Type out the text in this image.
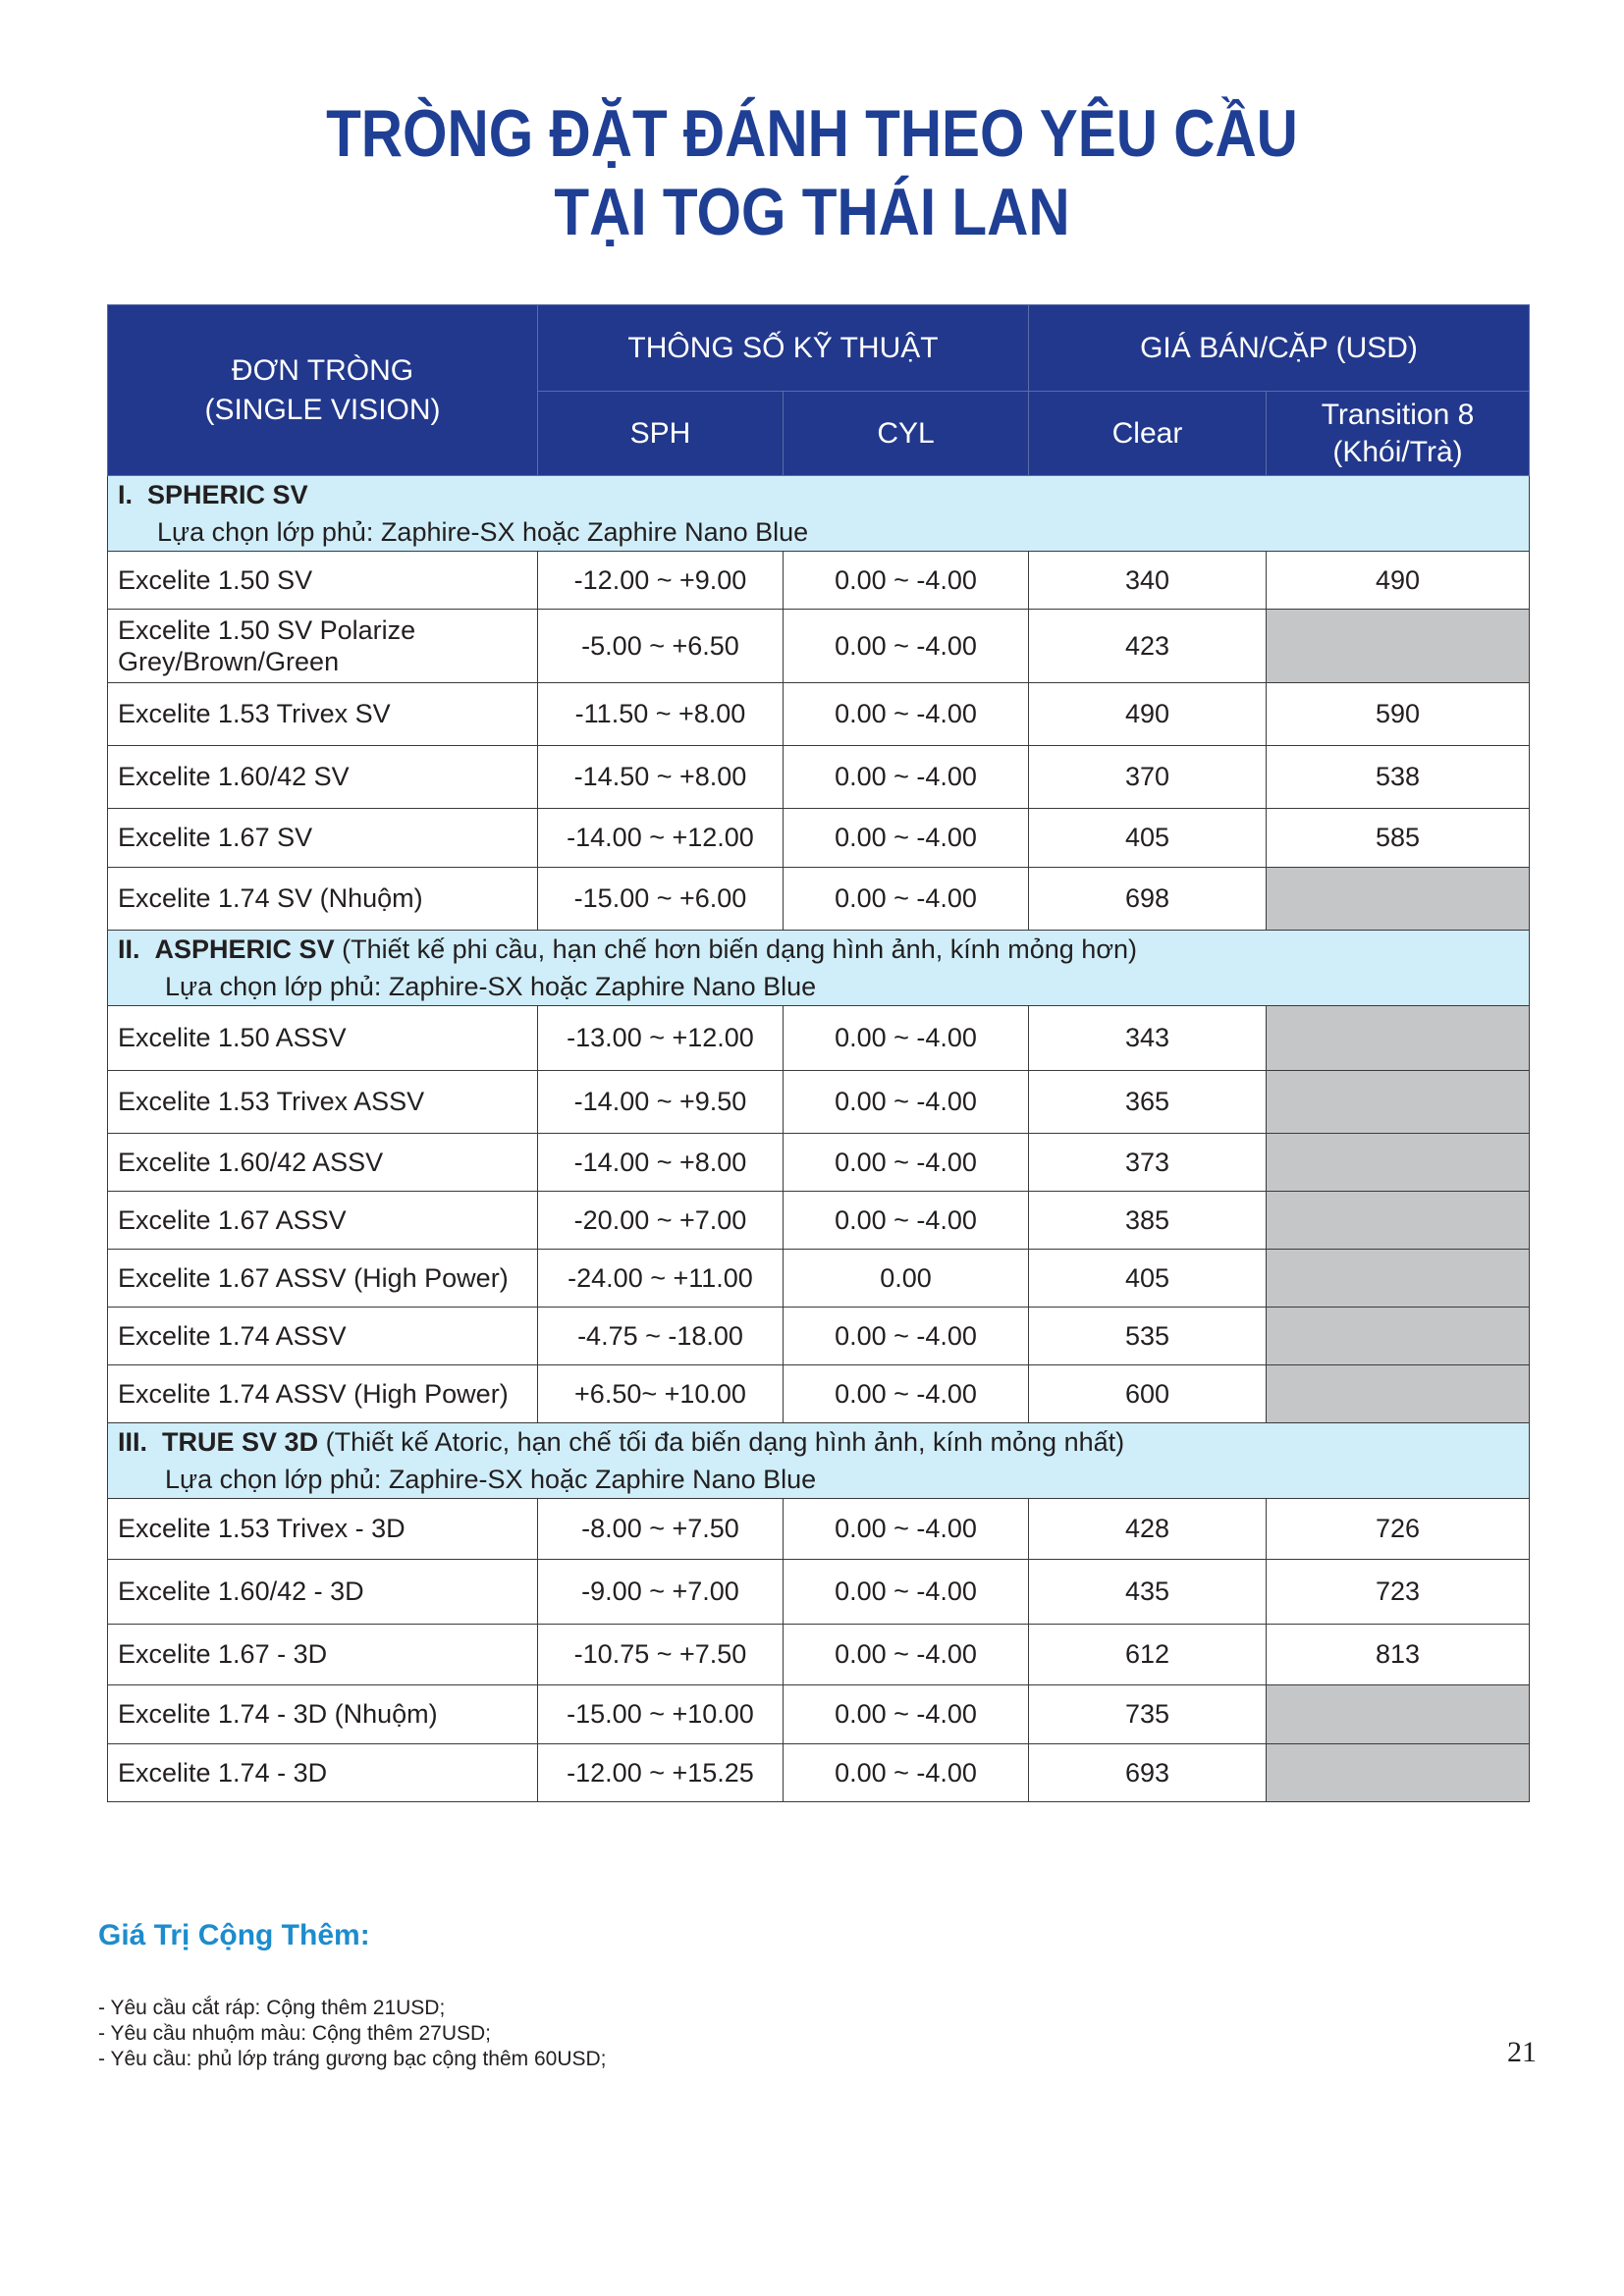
TRÒNG ĐẶT ĐÁNH THEO YÊU CẦU
TẠI TOG THÁI LAN
ĐƠN TRÒNG
(SINGLE VISION)	THÔNG SỐ KỸ THUẬT		GIÁ BÁN/CẶP (USD)	
	SPH	CYL	Clear	Transition 8
(Khói/Trà)

I. SPHERIC SV
Lựa chọn lớp phủ: Zaphire-SX hoặc Zaphire Nano Blue				

Excelite 1.50 SV	-12.00 ~ +9.00	0.00 ~ -4.00	340	490
Excelite 1.50 SV Polarize Grey/Brown/Green	-5.00 ~ +6.50	0.00 ~ -4.00	423	
Excelite 1.53 Trivex SV	-11.50 ~ +8.00	0.00 ~ -4.00	490	590
Excelite 1.60/42 SV	-14.50 ~ +8.00	0.00 ~ -4.00	370	538
Excelite 1.67 SV	-14.00 ~ +12.00	0.00 ~ -4.00	405	585
Excelite 1.74 SV (Nhuộm)	-15.00 ~ +6.00	0.00 ~ -4.00	698	

II. ASPHERIC SV (Thiết kế phi cầu, hạn chế hơn biến dạng hình ảnh, kính mỏng hơn)
Lựa chọn lớp phủ: Zaphire-SX hoặc Zaphire Nano Blue				

Excelite 1.50 ASSV	-13.00 ~ +12.00	0.00 ~ -4.00	343	
Excelite 1.53 Trivex ASSV	-14.00 ~ +9.50	0.00 ~ -4.00	365	
Excelite 1.60/42 ASSV	-14.00 ~ +8.00	0.00 ~ -4.00	373	
Excelite 1.67 ASSV	-20.00 ~ +7.00	0.00 ~ -4.00	385	
Excelite 1.67 ASSV (High Power)	-24.00 ~ +11.00	0.00	405	
Excelite 1.74 ASSV	-4.75 ~ -18.00	0.00 ~ -4.00	535	
Excelite 1.74 ASSV (High Power)	+6.50~ +10.00	0.00 ~ -4.00	600	

III. TRUE SV 3D (Thiết kế Atoric, hạn chế tối đa biến dạng hình ảnh, kính mỏng nhất)
Lựa chọn lớp phủ: Zaphire-SX hoặc Zaphire Nano Blue				

Excelite 1.53 Trivex - 3D	-8.00 ~ +7.50	0.00 ~ -4.00	428	726
Excelite 1.60/42 - 3D	-9.00 ~ +7.00	0.00 ~ -4.00	435	723
Excelite 1.67 - 3D	-10.75 ~ +7.50	0.00 ~ -4.00	612	813
Excelite 1.74 - 3D (Nhuộm)	-15.00 ~ +10.00	0.00 ~ -4.00	735	
Excelite 1.74 - 3D	-12.00 ~ +15.25	0.00 ~ -4.00	693	
Giá Trị Cộng Thêm:
- Yêu cầu cắt ráp: Cộng thêm 21USD;
- Yêu cầu nhuộm màu: Cộng thêm 27USD;
- Yêu cầu: phủ lớp tráng gương bạc cộng thêm 60USD;	21
